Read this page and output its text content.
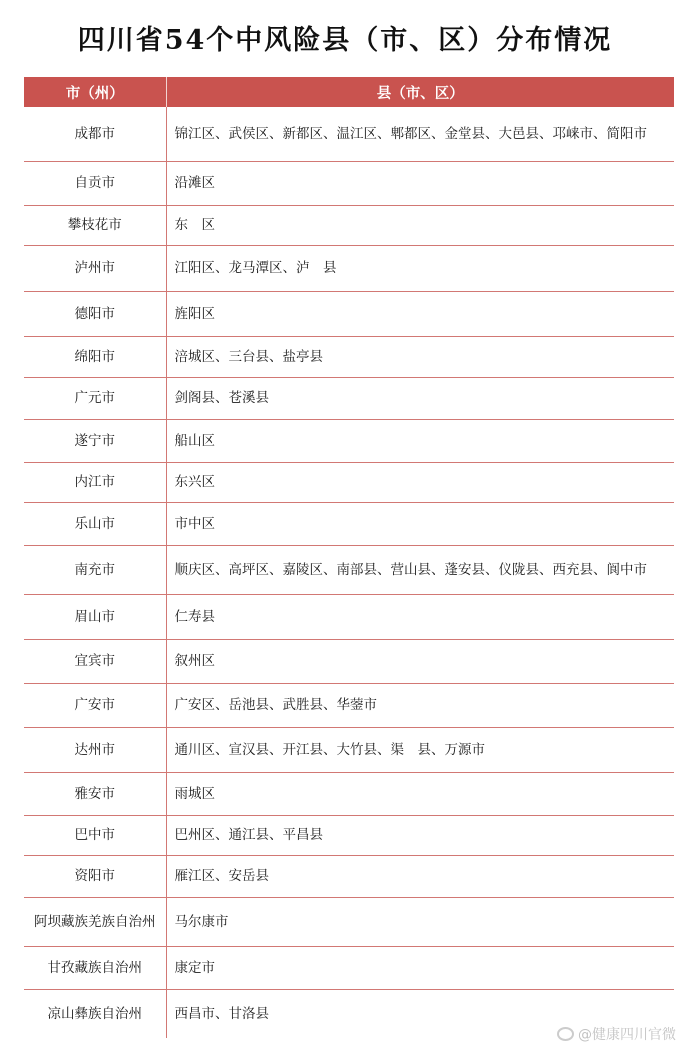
四川省54个中风险县（市、区）分布情况
市（州）	县（市、区）
成都市	锦江区、武侯区、新都区、温江区、郫都区、金堂县、大邑县、邛崃市、简阳市
自贡市	沿滩区
攀枝花市	东　区
泸州市	江阳区、龙马潭区、泸　县
德阳市	旌阳区
绵阳市	涪城区、三台县、盐亭县
广元市	剑阁县、苍溪县
遂宁市	船山区
内江市	东兴区
乐山市	市中区
南充市	顺庆区、高坪区、嘉陵区、南部县、营山县、蓬安县、仪陇县、西充县、阆中市
眉山市	仁寿县
宜宾市	叙州区
广安市	广安区、岳池县、武胜县、华蓥市
达州市	通川区、宣汉县、开江县、大竹县、渠　县、万源市
雅安市	雨城区
巴中市	巴州区、通江县、平昌县
资阳市	雁江区、安岳县
阿坝藏族羌族自治州	马尔康市
甘孜藏族自治州	康定市
凉山彝族自治州	西昌市、甘洛县
@健康四川官微
